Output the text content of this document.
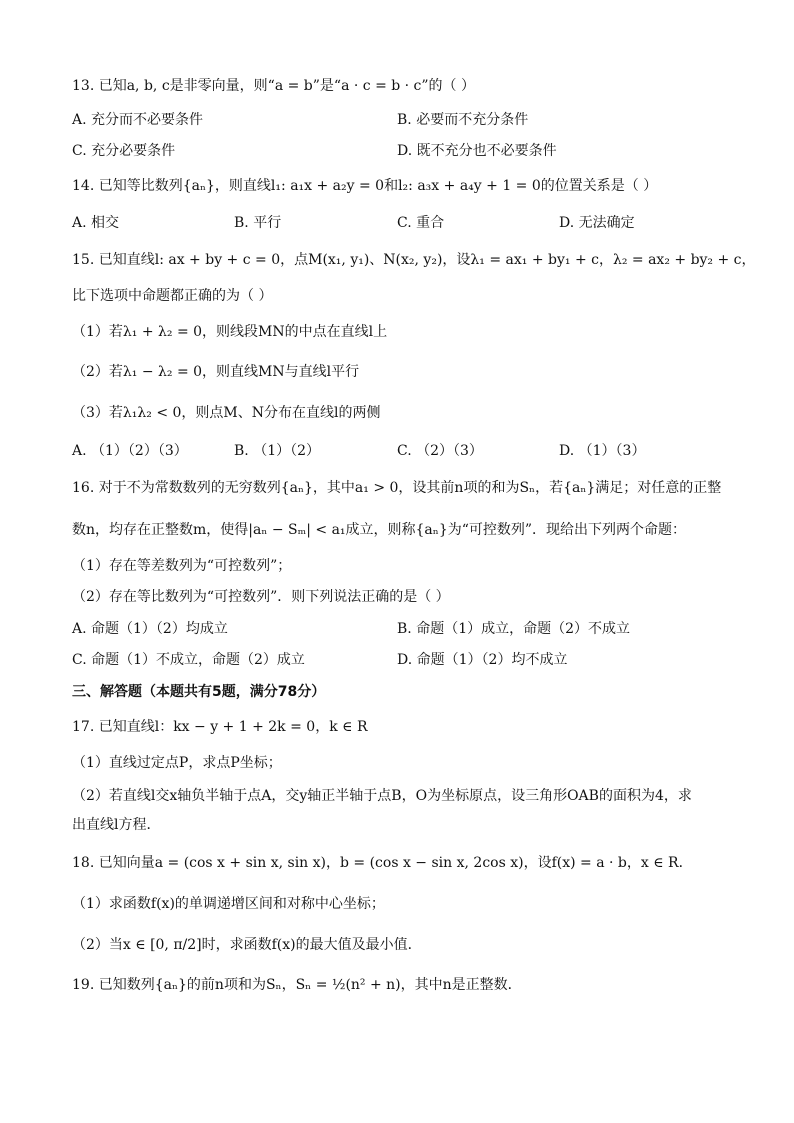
13. 已知a, b, c是非零向量，则“a = b”是“a · c = b · c”的（ ）
A. 充分而不必要条件	B. 必要而不充分条件
C. 充分必要条件	D. 既不充分也不必要条件
14. 已知等比数列{aₙ}，则直线l₁: a₁x + a₂y = 0和l₂: a₃x + a₄y + 1 = 0的位置关系是（ ）
A. 相交	B. 平行	C. 重合	D. 无法确定
15. 已知直线l: ax + by + c = 0，点M(x₁, y₁)、N(x₂, y₂)，设λ₁ = ax₁ + by₁ + c，λ₂ = ax₂ + by₂ + c，
比下选项中命题都正确的为（ ）
（1）若λ₁ + λ₂ = 0，则线段MN的中点在直线l上
（2）若λ₁ − λ₂ = 0，则直线MN与直线l平行
（3）若λ₁λ₂ < 0，则点M、N分布在直线l的两侧
A. （1）（2）（3）	B. （1）（2）	C. （2）（3）	D. （1）（3）
16. 对于不为常数数列的无穷数列{aₙ}，其中a₁ > 0，设其前n项的和为Sₙ，若{aₙ}满足；对任意的正整
数n，均存在正整数m，使得|aₙ − Sₘ| < a₁成立，则称{aₙ}为“可控数列”．现给出下列两个命题：
（1）存在等差数列为“可控数列”；
（2）存在等比数列为“可控数列”．则下列说法正确的是（ ）
A. 命题（1）（2）均成立	B. 命题（1）成立，命题（2）不成立
C. 命题（1）不成立，命题（2）成立	D. 命题（1）（2）均不成立
三、解答题（本题共有5题，满分78分）
17. 已知直线l：kx − y + 1 + 2k = 0，k ∈ R
（1）直线过定点P，求点P坐标；
（2）若直线l交x轴负半轴于点A，交y轴正半轴于点B，O为坐标原点，设三角形OAB的面积为4，求
出直线l方程．
18. 已知向量a = (cos x + sin x, sin x)，b = (cos x − sin x, 2cos x)，设f(x) = a · b，x ∈ R．
（1）求函数f(x)的单调递增区间和对称中心坐标；
（2）当x ∈ [0, π/2]时，求函数f(x)的最大值及最小值．
19. 已知数列{aₙ}的前n项和为Sₙ，Sₙ = ½(n² + n)，其中n是正整数．
